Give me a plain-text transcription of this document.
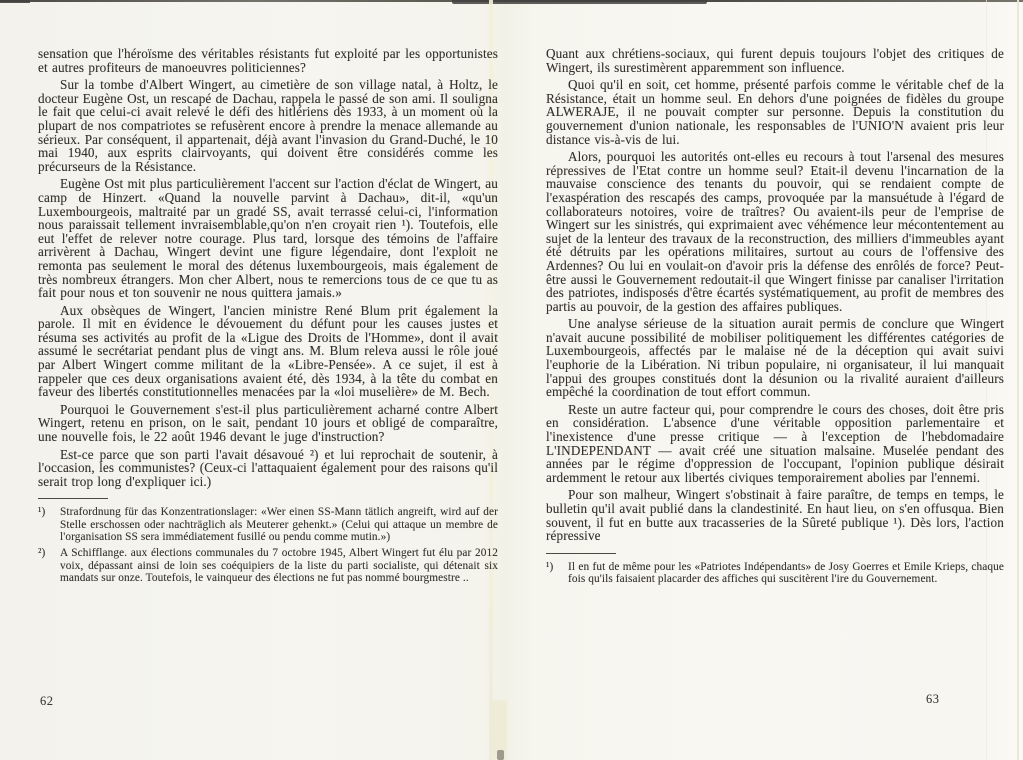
sensation que l'héroïsme des véritables résistants fut exploité par les opportunistes et autres profiteurs de manoeuvres politiciennes?

Sur la tombe d'Albert Wingert, au cimetière de son village natal, à Holtz, le docteur Eugène Ost, un rescapé de Dachau, rappela le passé de son ami. Il souligna le fait que celui-ci avait relevé le défi des hitlériens dès 1933, à un moment où la plupart de nos compatriotes se refusèrent encore à prendre la menace allemande au sérieux. Par conséquent, il appartenait, déjà avant l'invasion du Grand-Duché, le 10 mai 1940, aux esprits clairvoyants, qui doivent être considérés comme les précurseurs de la Résistance.

Eugène Ost mit plus particulièrement l'accent sur l'action d'éclat de Wingert, au camp de Hinzert. «Quand la nouvelle parvint à Dachau», dit-il, «qu'un Luxembourgeois, maltraité par un gradé SS, avait terrassé celui-ci, l'information nous paraissait tellement invraisemblable,qu'on n'en croyait rien ¹). Toutefois, elle eut l'effet de relever notre courage. Plus tard, lorsque des témoins de l'affaire arrivèrent à Dachau, Wingert devint une figure légendaire, dont l'exploit ne remonta pas seulement le moral des détenus luxembourgeois, mais également de très nombreux étrangers. Mon cher Albert, nous te remercions tous de ce que tu as fait pour nous et ton souvenir ne nous quittera jamais.»

Aux obsèques de Wingert, l'ancien ministre René Blum prit également la parole. Il mit en évidence le dévouement du défunt pour les causes justes et résuma ses activités au profit de la «Ligue des Droits de l'Homme», dont il avait assumé le secrétariat pendant plus de vingt ans. M. Blum releva aussi le rôle joué par Albert Wingert comme militant de la «Libre-Pensée». A ce sujet, il est à rappeler que ces deux organisations avaient été, dès 1934, à la tête du combat en faveur des libertés constitutionnelles menacées par la «loi muselière» de M. Bech.

Pourquoi le Gouvernement s'est-il plus particulièrement acharné contre Albert Wingert, retenu en prison, on le sait, pendant 10 jours et obligé de comparaître, une nouvelle fois, le 22 août 1946 devant le juge d'instruction?

Est-ce parce que son parti l'avait désavoué ²) et lui reprochait de soutenir, à l'occasion, les communistes? (Ceux-ci l'attaquaient également pour des raisons qu'il serait trop long d'expliquer ici.)

¹)	Strafordnung für das Konzentrationslager: «Wer einen SS-Mann tätlich angreift, wird auf der Stelle erschossen oder nachträglich als Meuterer gehenkt.» (Celui qui attaque un membre de l'organisation SS sera immédiatement fusillé ou pendu comme mutin.»)
²)	A Schifflange. aux élections communales du 7 octobre 1945, Albert Wingert fut élu par 2012 voix, dépassant ainsi de loin ses coéquipiers de la liste du parti socialiste, qui détenait six mandats sur onze. Toutefois, le vainqueur des élections ne fut pas nommé bourgmestre ..

Quant aux chrétiens-sociaux, qui furent depuis toujours l'objet des critiques de Wingert, ils surestimèrent apparemment son influence.

Quoi qu'il en soit, cet homme, présenté parfois comme le véritable chef de la Résistance, était un homme seul. En dehors d'une poignées de fidèles du groupe ALWERAJE, il ne pouvait compter sur personne. Depuis la constitution du gouvernement d'union nationale, les responsables de l'UNIO'N avaient pris leur distance vis-à-vis de lui.

Alors, pourquoi les autorités ont-elles eu recours à tout l'arsenal des mesures répressives de l'Etat contre un homme seul? Etait-il devenu l'incarnation de la mauvaise conscience des tenants du pouvoir, qui se rendaient compte de l'exaspération des rescapés des camps, provoquée par la mansuétude à l'égard de collaborateurs notoires, voire de traîtres? Ou avaient-ils peur de l'emprise de Wingert sur les sinistrés, qui exprimaient avec véhémence leur mécontentement au sujet de la lenteur des travaux de la reconstruction, des milliers d'immeubles ayant été détruits par les opérations militaires, surtout au cours de l'offensive des Ardennes? Ou lui en voulait-on d'avoir pris la défense des enrôlés de force? Peut-être aussi le Gouvernement redoutait-il que Wingert finisse par canaliser l'irritation des patriotes, indisposés d'être écartés systématiquement, au profit de membres des partis au pouvoir, de la gestion des affaires publiques.

Une analyse sérieuse de la situation aurait permis de conclure que Wingert n'avait aucune possibilité de mobiliser politiquement les différentes catégories de Luxembourgeois, affectés par le malaise né de la déception qui avait suivi l'euphorie de la Libération. Ni tribun populaire, ni organisateur, il lui manquait l'appui des groupes constitués dont la désunion ou la rivalité auraient d'ailleurs empêché la coordination de tout effort commun.

Reste un autre facteur qui, pour comprendre le cours des choses, doit être pris en considération. L'absence d'une véritable opposition parlementaire et l'inexistence d'une presse critique — à l'exception de l'hebdomadaire L'INDEPENDANT — avait créé une situation malsaine. Muselée pendant des années par le régime d'oppression de l'occupant, l'opinion publique désirait ardemment le retour aux libertés civiques temporairement abolies par l'ennemi.

Pour son malheur, Wingert s'obstinait à faire paraître, de temps en temps, le bulletin qu'il avait publié dans la clandestinité. En haut lieu, on s'en offusqua. Bien souvent, il fut en butte aux tracasseries de la Sûreté publique ¹). Dès lors, l'action répressive

¹)	Il en fut de même pour les «Patriotes Indépendants» de Josy Goerres et Emile Krieps, chaque fois qu'ils faisaient placarder des affiches qui suscitèrent l'ire du Gouvernement.
62	63
